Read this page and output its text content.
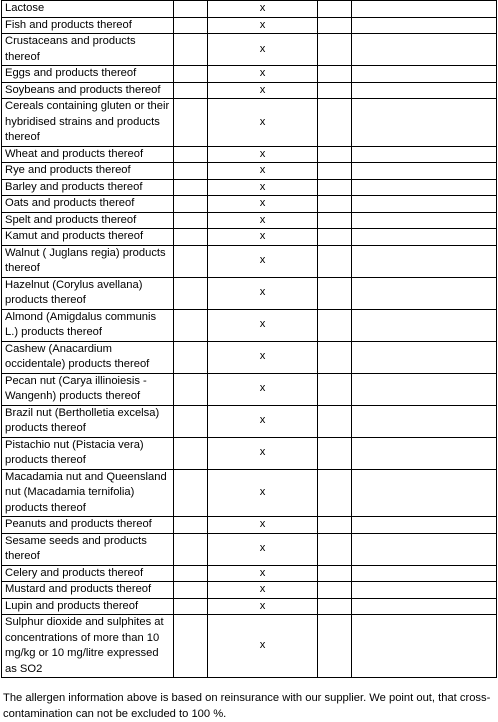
Lactose		x		
Fish and products thereof		x		
Crustaceans and products thereof		x		
Eggs and products thereof		x		
Soybeans and products thereof		x		
Cereals containing gluten or their hybridised strains and products thereof		x		
Wheat and products thereof		x		
Rye and products thereof		x		
Barley and products thereof		x		
Oats and products thereof		x		
Spelt and products thereof		x		
Kamut and products thereof		x		
Walnut ( Juglans regia) products thereof		x		
Hazelnut (Corylus avellana) products thereof		x		
Almond (Amigdalus communis L.) products thereof		x		
Cashew (Anacardium occidentale) products thereof		x		
Pecan nut (Carya illinoiesis - Wangenh) products thereof		x		
Brazil nut (Bertholletia excelsa) products thereof		x		
Pistachio nut (Pistacia vera) products thereof		x		
Macadamia nut and Queensland nut (Macadamia ternifolia) products thereof		x		
Peanuts and products thereof		x		
Sesame seeds and products thereof		x		
Celery and products thereof		x		
Mustard and products thereof		x		
Lupin and products thereof		x		
Sulphur dioxide and sulphites at concentrations of more than 10 mg/kg or 10 mg/litre expressed as SO2		x		
The allergen information above is based on reinsurance with our supplier. We point out, that cross-contamination can not be excluded to 100 %.
